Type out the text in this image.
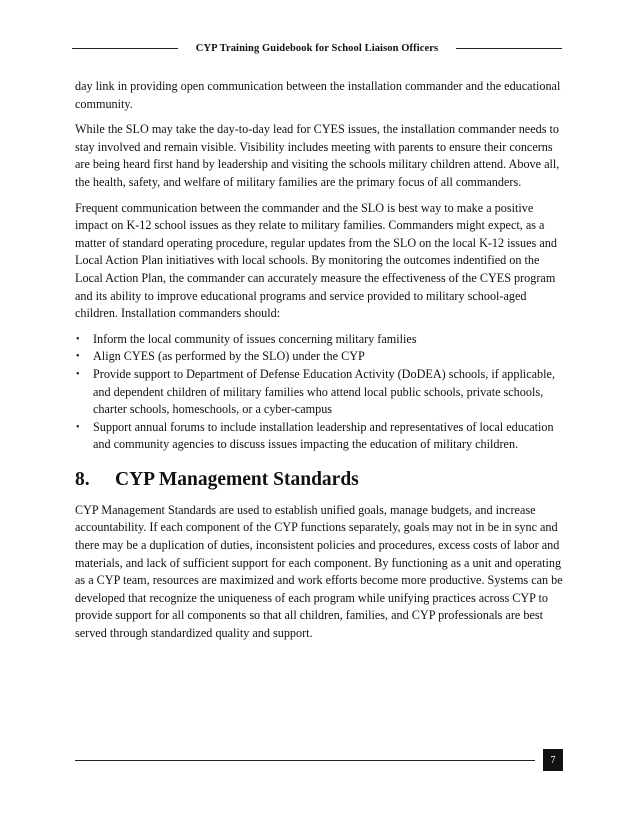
CYP Training Guidebook for School Liaison Officers

day link in providing open communication between the installation commander and the educational community.

While the SLO may take the day-to-day lead for CYES issues, the installation commander needs to stay involved and remain visible. Visibility includes meeting with parents to ensure their concerns are being heard first hand by leadership and visiting the schools military children attend. Above all, the health, safety, and welfare of military families are the primary focus of all commanders.

Frequent communication between the commander and the SLO is best way to make a positive impact on K-12 school issues as they relate to military families. Commanders might expect, as a matter of standard operating procedure, regular updates from the SLO on the local K-12 issues and Local Action Plan initiatives with local schools. By monitoring the outcomes indentified on the Local Action Plan, the commander can accurately measure the effectiveness of the CYES program and its ability to improve educational programs and service provided to military school-aged children. Installation commanders should:

• Inform the local community of issues concerning military families
• Align CYES (as performed by the SLO) under the CYP
• Provide support to Department of Defense Education Activity (DoDEA) schools, if applicable, and dependent children of military families who attend local public schools, private schools, charter schools, homeschools, or a cyber-campus
• Support annual forums to include installation leadership and representatives of local education and community agencies to discuss issues impacting the education of military children.
8.	CYP Management Standards

CYP Management Standards are used to establish unified goals, manage budgets, and increase accountability. If each component of the CYP functions separately, goals may not in be in sync and there may be a duplication of duties, inconsistent policies and procedures, excess costs of labor and materials, and lack of sufficient support for each component. By functioning as a unit and operating as a CYP team, resources are maximized and work efforts become more productive. Systems can be developed that recognize the uniqueness of each program while unifying practices across CYP to provide support for all components so that all children, families, and CYP professionals are best served through standardized quality and support.

7
